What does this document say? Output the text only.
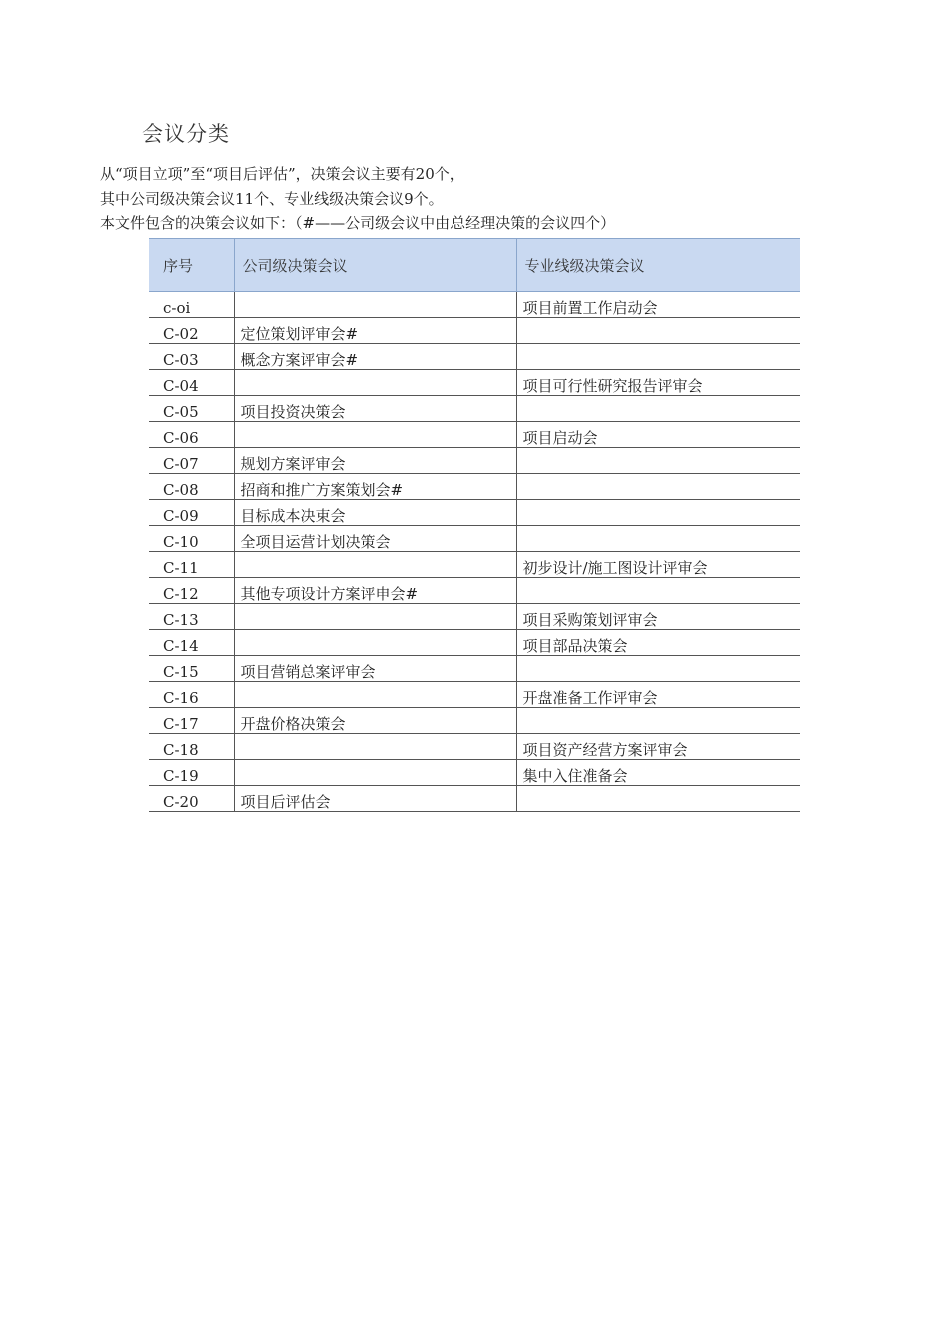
会议分类
从“项目立项”至“项目后评估”，决策会议主要有20个，
其中公司级决策会议11个、专业线级决策会议9个。
本文件包含的决策会议如下：（#——公司级会议中由总经理决策的会议四个）
序号	公司级决策会议	专业线级决策会议
c-oi		项目前置工作启动会
C-02	定位策划评审会#	
C-03	概念方案评审会#	
C-04		项目可行性研究报告评审会
C-05	项目投资决策会	
C-06		项目启动会
C-07	规划方案评审会	
C-08	招商和推广方案策划会#	
C-09	目标成本决束会	
C-10	全项目运营计划决策会	
C-11		初步设计/施工图设计评审会
C-12	其他专项设计方案评申会#	
C-13		项目采购策划评审会
C-14		项目部品决策会
C-15	项目营销总案评审会	
C-16		开盘准备工作评审会
C-17	开盘价格决策会	
C-18		项目资产经营方案评审会
C-19		集中入住准备会
C-20	项目后评估会	
